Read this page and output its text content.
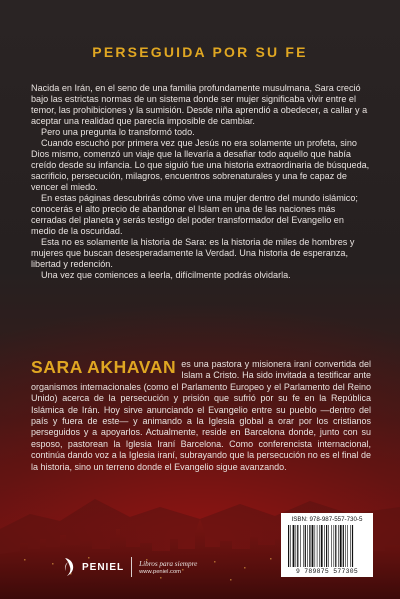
PERSEGUIDA POR SU FE

Nacida en Irán, en el seno de una familia profundamente musulmana, Sara creció bajo las estrictas normas de un sistema donde ser mujer significaba vivir entre el temor, las prohibiciones y la sumisión. Desde niña aprendió a obedecer, a callar y a aceptar una realidad que parecía imposible de cambiar.

Pero una pregunta lo transformó todo.

Cuando escuchó por primera vez que Jesús no era solamente un profeta, sino Dios mismo, comenzó un viaje que la llevaría a desafiar todo aquello que había creído desde su infancia. Lo que siguió fue una historia extraordinaria de búsqueda, sacrificio, persecución, milagros, encuentros sobrenaturales y una fe capaz de vencer el miedo.

En estas páginas descubrirás cómo vive una mujer dentro del mundo islámico; conocerás el alto precio de abandonar el Islam en una de las naciones más cerradas del planeta y serás testigo del poder transformador del Evangelio en medio de la oscuridad.

Esta no es solamente la historia de Sara: es la historia de miles de hombres y mujeres que buscan desesperadamente la Verdad. Una historia de esperanza, libertad y redención.

Una vez que comiences a leerla, difícilmente podrás olvidarla.

SARA AKHAVAN es una pastora y misionera iraní convertida del Islam a Cristo. Ha sido invitada a testificar ante organismos internacionales (como el Parlamento Europeo y el Parlamento del Reino Unido) acerca de la persecución y prisión que sufrió por su fe en la República Islámica de Irán. Hoy sirve anunciando el Evangelio entre su pueblo —dentro del país y fuera de este— y animando a la Iglesia global a orar por los cristianos perseguidos y a apoyarlos. Actualmente, reside en Barcelona donde, junto con su esposo, pastorean la Iglesia Iraní Barcelona. Como conferencista internacional, continúa dando voz a la Iglesia iraní, subrayando que la persecución no es el final de la historia, sino un terreno donde el Evangelio sigue avanzando.
PENIEL Libros para siempre
www.peniel.com
ISBN: 978-987-557-730-5
9 789875 577305
